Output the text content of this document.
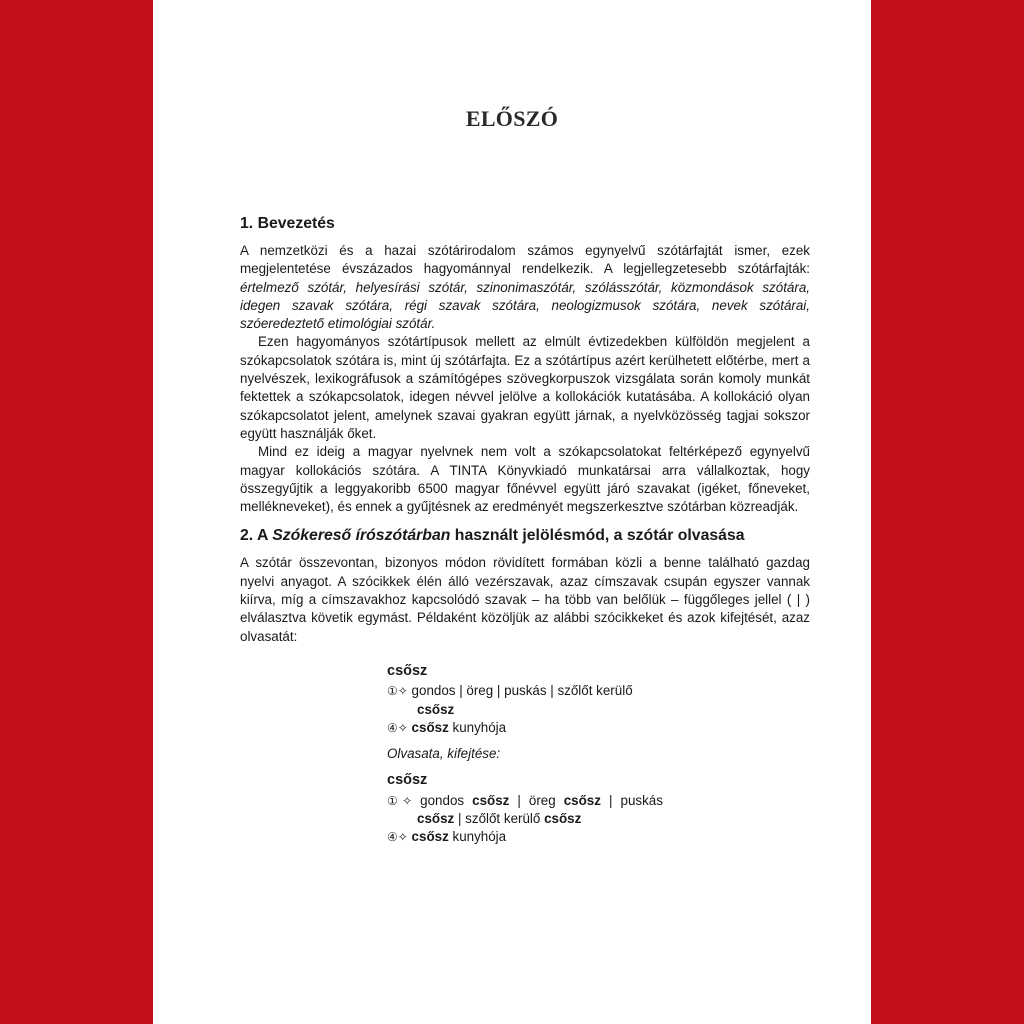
ELŐSZÓ
1. Bevezetés

A nemzetközi és a hazai szótárirodalom számos egynyelvű szótárfajtát ismer, ezek megjelentetése évszázados hagyománnyal rendelkezik. A legjellegzetesebb szótárfajták: értelmező szótár, helyesírási szótár, szinonimaszótár, szólásszótár, közmondások szótára, idegen szavak szótára, régi szavak szótára, neologizmusok szótára, nevek szótárai, szóeredeztető etimológiai szótár.

Ezen hagyományos szótártípusok mellett az elmúlt évtizedekben külföldön megjelent a szókapcsolatok szótára is, mint új szótárfajta. Ez a szótártípus azért kerülhetett előtérbe, mert a nyelvészek, lexikográfusok a számítógépes szövegkorpuszok vizsgálata során komoly munkát fektettek a szókapcsolatok, idegen névvel jelölve a kollokációk kutatásába. A kollokáció olyan szókapcsolatot jelent, amelynek szavai gyakran együtt járnak, a nyelvközösség tagjai sokszor együtt használják őket.

Mind ez ideig a magyar nyelvnek nem volt a szókapcsolatokat feltérképező egynyelvű magyar kollokációs szótára. A TINTA Könyvkiadó munkatársai arra vállalkoztak, hogy összegyűjtik a leggyakoribb 6500 magyar főnévvel együtt járó szavakat (igéket, főneveket, mellékneveket), és ennek a gyűjtésnek az eredményét megszerkesztve szótárban közreadják.

2. A Szókereső írószótárban használt jelölésmód, a szótár olvasása

A szótár összevontan, bizonyos módon rövidített formában közli a benne található gazdag nyelvi anyagot. A szócikkek élén álló vezérszavak, azaz címszavak csupán egyszer vannak kiírva, míg a címszavakhoz kapcsolódó szavak – ha több van belőlük – függőleges jellel ( | ) elválasztva követik egymást. Példaként közöljük az alábbi szócikkeket és azok kifejtését, azaz olvasatát:

csősz
①✧ gondos | öreg | puskás | szőlőt kerülő
csősz
④✧ csősz kunyhója
Olvasata, kifejtése:
csősz
①✧ gondos csősz | öreg csősz | puskás
csősz | szőlőt kerülő csősz
④✧ csősz kunyhója
